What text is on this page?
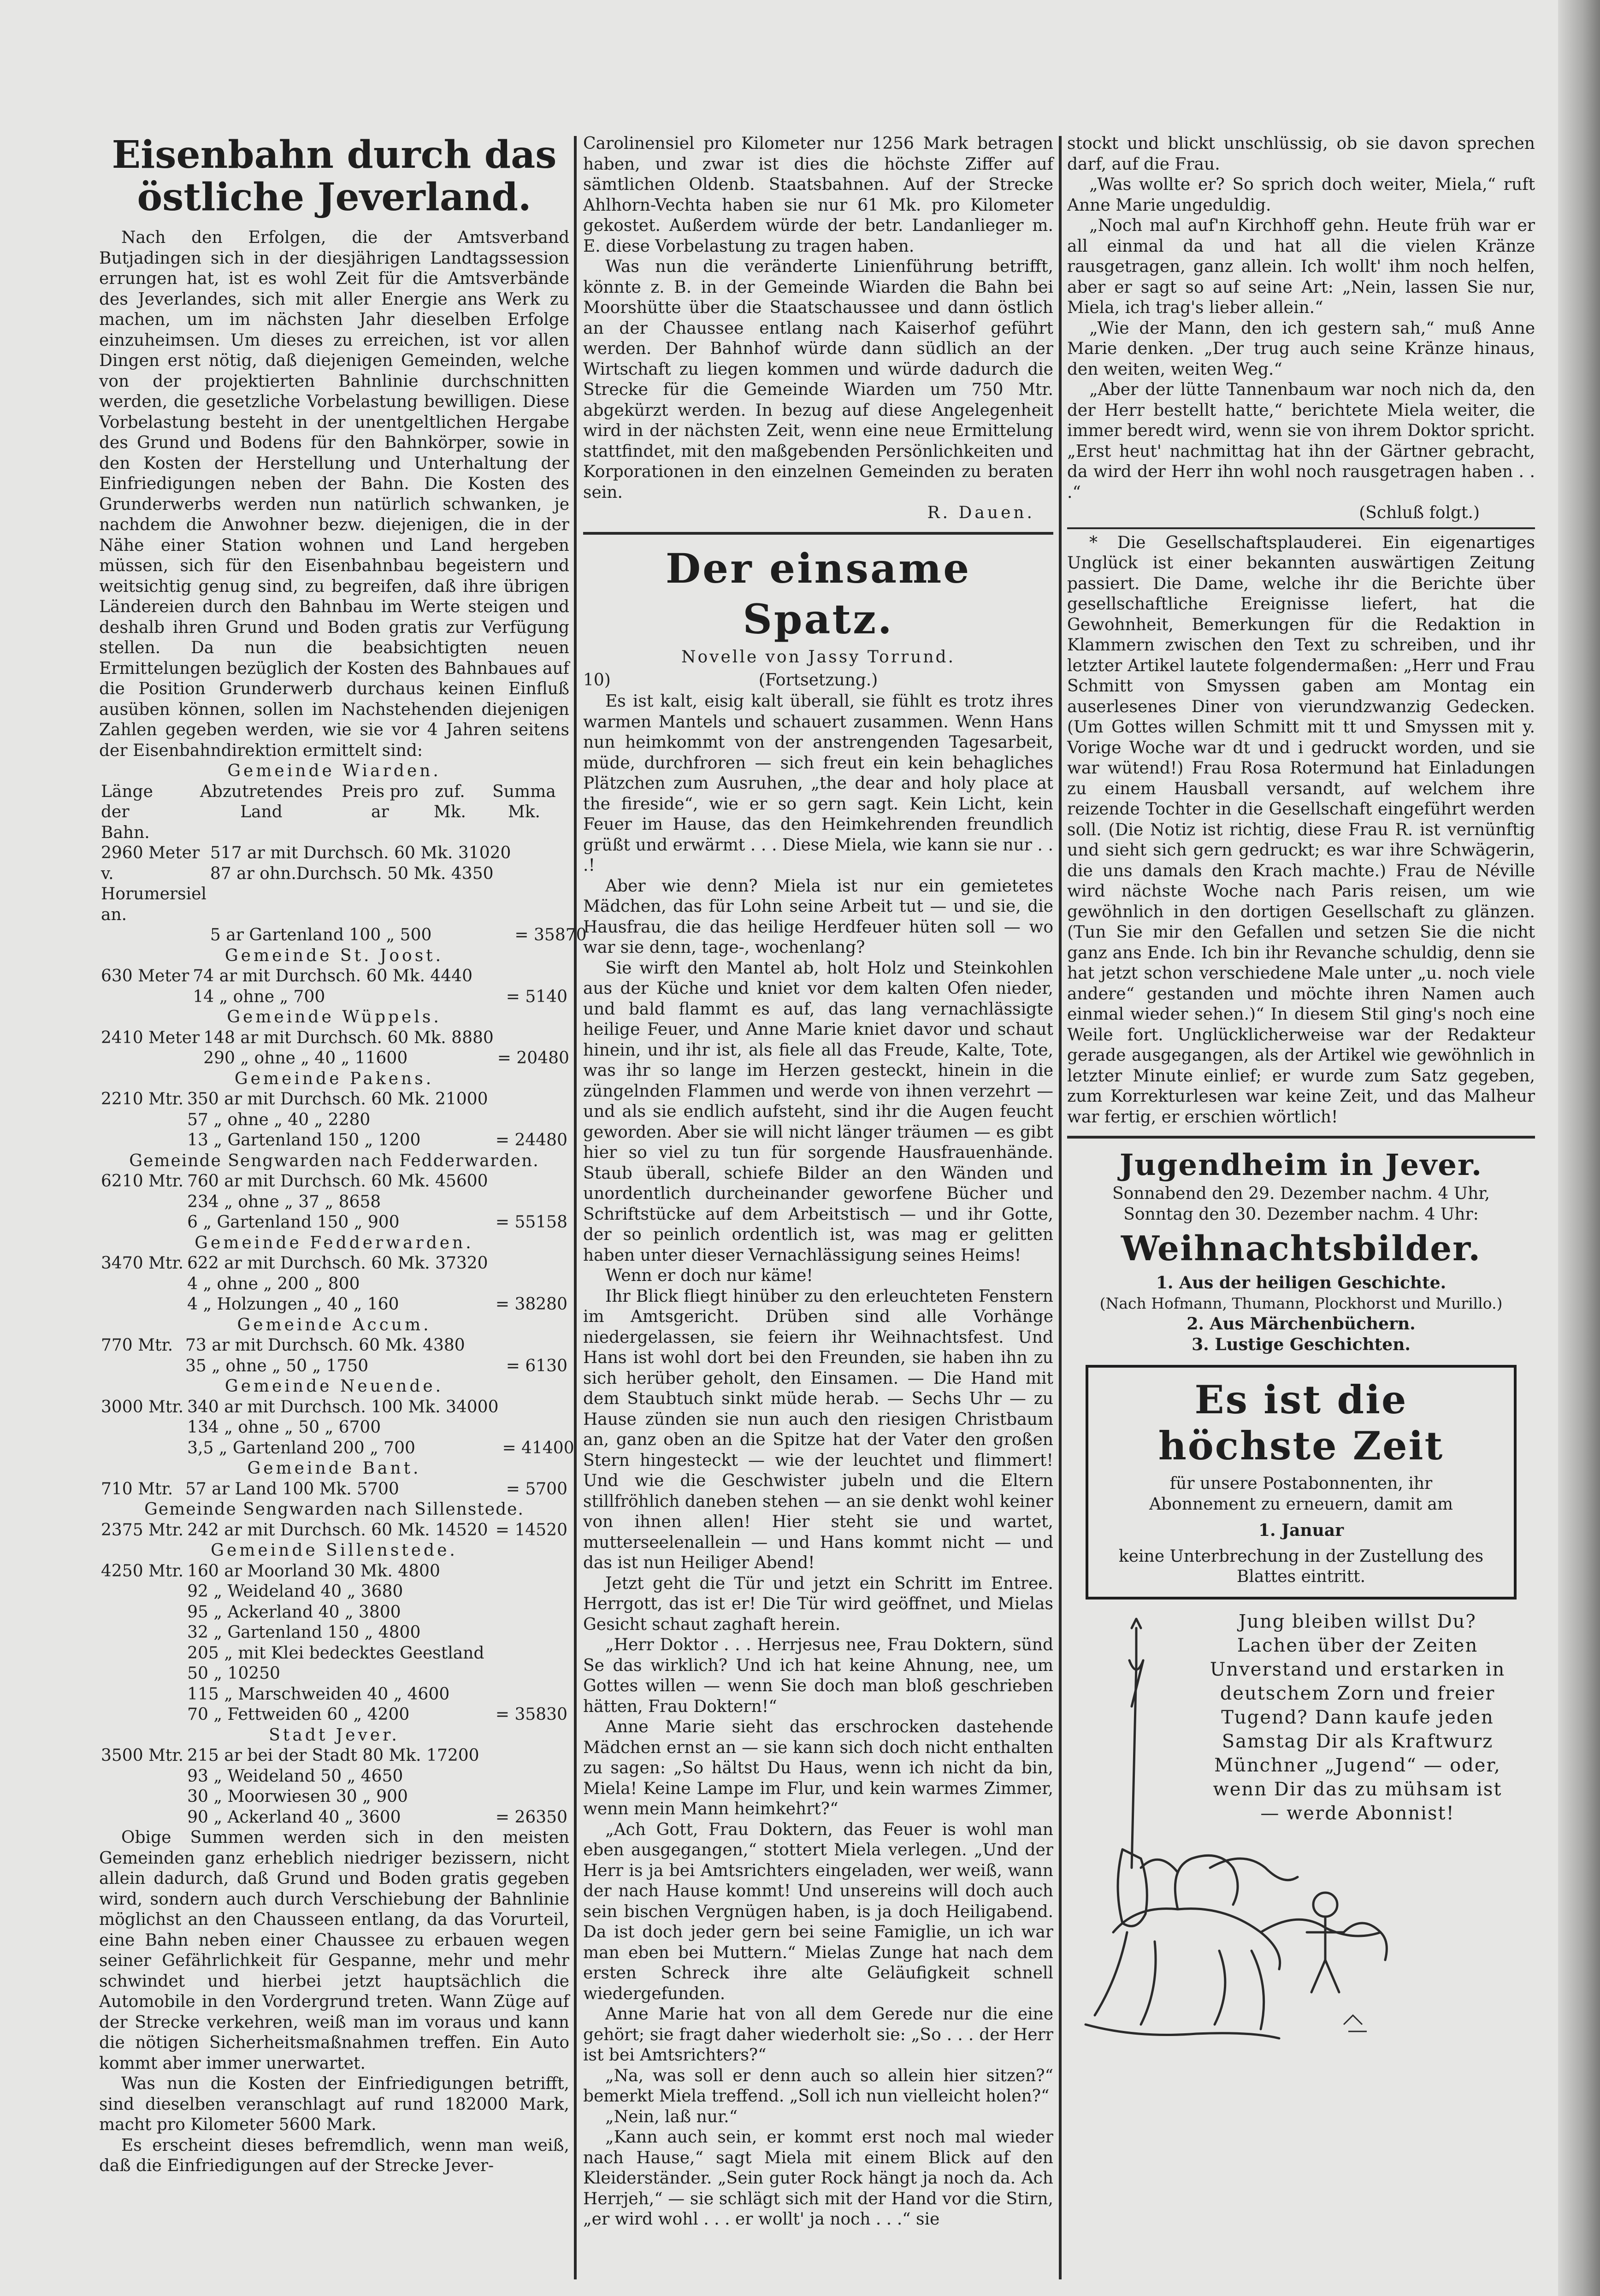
Eisenbahn durch das östliche Jeverland.

Nach den Erfolgen, die der Amtsverband Butjadingen sich in der diesjährigen Landtagssession errungen hat, ist es wohl Zeit für die Amtsverbände des Jeverlandes, sich mit aller Energie ans Werk zu machen, um im nächsten Jahr dieselben Erfolge einzuheimsen. Um dieses zu erreichen, ist vor allen Dingen erst nötig, daß diejenigen Gemeinden, welche von der projektierten Bahnlinie durchschnitten werden, die gesetzliche Vorbelastung bewilligen. Diese Vorbelastung besteht in der unentgeltlichen Hergabe des Grund und Bodens für den Bahnkörper, sowie in den Kosten der Herstellung und Unterhaltung der Einfriedigungen neben der Bahn. Die Kosten des Grunderwerbs werden nun natürlich schwanken, je nachdem die Anwohner bezw. diejenigen, die in der Nähe einer Station wohnen und Land hergeben müssen, sich für den Eisenbahnbau begeistern und weitsichtig genug sind, zu begreifen, daß ihre übrigen Ländereien durch den Bahnbau im Werte steigen und deshalb ihren Grund und Boden gratis zur Verfügung stellen. Da nun die beabsichtigten neuen Ermittelungen bezüglich der Kosten des Bahnbaues auf die Position Grunderwerb durchaus keinen Einfluß ausüben können, sollen im Nachstehenden diejenigen Zahlen gegeben werden, wie sie vor 4 Jahren seitens der Eisenbahndirektion ermittelt sind:

Gemeinde Wiarden.
Länge der Bahn.	Abzutretendes Land	Preis pro ar	zuf. Mk.	Summa Mk.
2960 Meter	517 ar mit Durchsch. 60 Mk. 31020	
v. Horumersiel an.	87 ar ohn.Durchsch. 50 Mk. 4350	
	5 ar Gartenland 100 „ 500	= 35870
Gemeinde St. Joost.
630 Meter	74 ar mit Durchsch. 60 Mk. 4440	
	14 „ ohne „ 700	= 5140
Gemeinde Wüppels.
2410 Meter	148 ar mit Durchsch. 60 Mk. 8880	
	290 „ ohne „ 40 „ 11600	= 20480
Gemeinde Pakens.
2210 Mtr.	350 ar mit Durchsch. 60 Mk. 21000	
	57 „ ohne „ 40 „ 2280	
	13 „ Gartenland 150 „ 1200	= 24480
Gemeinde Sengwarden nach Fedderwarden.
6210 Mtr.	760 ar mit Durchsch. 60 Mk. 45600	
	234 „ ohne „ 37 „ 8658	
	6 „ Gartenland 150 „ 900	= 55158
Gemeinde Fedderwarden.
3470 Mtr.	622 ar mit Durchsch. 60 Mk. 37320	
	4 „ ohne „ 200 „ 800	
	4 „ Holzungen „ 40 „ 160	= 38280
Gemeinde Accum.
770 Mtr.	73 ar mit Durchsch. 60 Mk. 4380	
	35 „ ohne „ 50 „ 1750	= 6130
Gemeinde Neuende.
3000 Mtr.	340 ar mit Durchsch. 100 Mk. 34000	
	134 „ ohne „ 50 „ 6700	
	3,5 „ Gartenland 200 „ 700	= 41400
Gemeinde Bant.
710 Mtr.	57 ar Land 100 Mk. 5700	= 5700
Gemeinde Sengwarden nach Sillenstede.
2375 Mtr.	242 ar mit Durchsch. 60 Mk. 14520	= 14520
Gemeinde Sillenstede.
4250 Mtr.	160 ar Moorland 30 Mk. 4800	
	92 „ Weideland 40 „ 3680	
	95 „ Ackerland 40 „ 3800	
	32 „ Gartenland 150 „ 4800	
	205 „ mit Klei bedecktes Geestland 50 „ 10250	
	115 „ Marschweiden 40 „ 4600	
	70 „ Fettweiden 60 „ 4200	= 35830
Stadt Jever.
3500 Mtr.	215 ar bei der Stadt 80 Mk. 17200	
	93 „ Weideland 50 „ 4650	
	30 „ Moorwiesen 30 „ 900	
	90 „ Ackerland 40 „ 3600	= 26350

Obige Summen werden sich in den meisten Gemeinden ganz erheblich niedriger bezissern, nicht allein dadurch, daß Grund und Boden gratis gegeben wird, sondern auch durch Verschiebung der Bahnlinie möglichst an den Chausseen entlang, da das Vorurteil, eine Bahn neben einer Chaussee zu erbauen wegen seiner Gefährlichkeit für Gespanne, mehr und mehr schwindet und hierbei jetzt hauptsächlich die Automobile in den Vordergrund treten. Wann Züge auf der Strecke verkehren, weiß man im voraus und kann die nötigen Sicherheitsmaßnahmen treffen. Ein Auto kommt aber immer unerwartet.

Was nun die Kosten der Einfriedigungen betrifft, sind dieselben veranschlagt auf rund 182000 Mark, macht pro Kilometer 5600 Mark.

Es erscheint dieses befremdlich, wenn man weiß, daß die Einfriedigungen auf der Strecke Jever-

Carolinensiel pro Kilometer nur 1256 Mark betragen haben, und zwar ist dies die höchste Ziffer auf sämtlichen Oldenb. Staatsbahnen. Auf der Strecke Ahlhorn-Vechta haben sie nur 61 Mk. pro Kilometer gekostet. Außerdem würde der betr. Landanlieger m. E. diese Vorbelastung zu tragen haben.

Was nun die veränderte Linienführung betrifft, könnte z. B. in der Gemeinde Wiarden die Bahn bei Moorshütte über die Staatschaussee und dann östlich an der Chaussee entlang nach Kaiserhof geführt werden. Der Bahnhof würde dann südlich an der Wirtschaft zu liegen kommen und würde dadurch die Strecke für die Gemeinde Wiarden um 750 Mtr. abgekürzt werden. In bezug auf diese Angelegenheit wird in der nächsten Zeit, wenn eine neue Ermittelung stattfindet, mit den maßgebenden Persönlichkeiten und Korporationen in den einzelnen Gemeinden zu beraten sein.

R. Dauen.

Der einsame Spatz.
Novelle von Jassy Torrund.
10)	(Fortsetzung.)

Es ist kalt, eisig kalt überall, sie fühlt es trotz ihres warmen Mantels und schauert zusammen. Wenn Hans nun heimkommt von der anstrengenden Tagesarbeit, müde, durchfroren — sich freut ein kein behagliches Plätzchen zum Ausruhen, „the dear and holy place at the fireside“, wie er so gern sagt. Kein Licht, kein Feuer im Hause, das den Heimkehrenden freundlich grüßt und erwärmt . . . Diese Miela, wie kann sie nur . . .!

Aber wie denn? Miela ist nur ein gemietetes Mädchen, das für Lohn seine Arbeit tut — und sie, die Hausfrau, die das heilige Herdfeuer hüten soll — wo war sie denn, tage-, wochenlang?

Sie wirft den Mantel ab, holt Holz und Steinkohlen aus der Küche und kniet vor dem kalten Ofen nieder, und bald flammt es auf, das lang vernachlässigte heilige Feuer, und Anne Marie kniet davor und schaut hinein, und ihr ist, als fiele all das Freude, Kalte, Tote, was ihr so lange im Herzen gesteckt, hinein in die züngelnden Flammen und werde von ihnen verzehrt — und als sie endlich aufsteht, sind ihr die Augen feucht geworden. Aber sie will nicht länger träumen — es gibt hier so viel zu tun für sorgende Hausfrauenhände. Staub überall, schiefe Bilder an den Wänden und unordentlich durcheinander geworfene Bücher und Schriftstücke auf dem Arbeitstisch — und ihr Gotte, der so peinlich ordentlich ist, was mag er gelitten haben unter dieser Vernachlässigung seines Heims!

Wenn er doch nur käme!

Ihr Blick fliegt hinüber zu den erleuchteten Fenstern im Amtsgericht. Drüben sind alle Vorhänge niedergelassen, sie feiern ihr Weihnachtsfest. Und Hans ist wohl dort bei den Freunden, sie haben ihn zu sich herüber geholt, den Einsamen. — Die Hand mit dem Staubtuch sinkt müde herab. — Sechs Uhr — zu Hause zünden sie nun auch den riesigen Christbaum an, ganz oben an die Spitze hat der Vater den großen Stern hingesteckt — wie der leuchtet und flimmert! Und wie die Geschwister jubeln und die Eltern stillfröhlich daneben stehen — an sie denkt wohl keiner von ihnen allen! Hier steht sie und wartet, mutterseelenallein — und Hans kommt nicht — und das ist nun Heiliger Abend!

Jetzt geht die Tür und jetzt ein Schritt im Entree. Herrgott, das ist er! Die Tür wird geöffnet, und Mielas Gesicht schaut zaghaft herein.

„Herr Doktor . . . Herrjesus nee, Frau Doktern, sünd Se das wirklich? Und ich hat keine Ahnung, nee, um Gottes willen — wenn Sie doch man bloß geschrieben hätten, Frau Doktern!“

Anne Marie sieht das erschrocken dastehende Mädchen ernst an — sie kann sich doch nicht enthalten zu sagen: „So hältst Du Haus, wenn ich nicht da bin, Miela! Keine Lampe im Flur, und kein warmes Zimmer, wenn mein Mann heimkehrt?“

„Ach Gott, Frau Doktern, das Feuer is wohl man eben ausgegangen,“ stottert Miela verlegen. „Und der Herr is ja bei Amtsrichters eingeladen, wer weiß, wann der nach Hause kommt! Und unsereins will doch auch sein bischen Vergnügen haben, is ja doch Heiligabend. Da ist doch jeder gern bei seine Famiglie, un ich war man eben bei Muttern.“ Mielas Zunge hat nach dem ersten Schreck ihre alte Geläufigkeit schnell wiedergefunden.

Anne Marie hat von all dem Gerede nur die eine gehört; sie fragt daher wiederholt sie: „So . . . der Herr ist bei Amtsrichters?“

„Na, was soll er denn auch so allein hier sitzen?“ bemerkt Miela treffend. „Soll ich nun vielleicht holen?“

„Nein, laß nur.“

„Kann auch sein, er kommt erst noch mal wieder nach Hause,“ sagt Miela mit einem Blick auf den Kleiderständer. „Sein guter Rock hängt ja noch da. Ach Herrjeh,“ — sie schlägt sich mit der Hand vor die Stirn, „er wird wohl . . . er wollt' ja noch . . .“ sie

stockt und blickt unschlüssig, ob sie davon sprechen darf, auf die Frau.

„Was wollte er? So sprich doch weiter, Miela,“ ruft Anne Marie ungeduldig.

„Noch mal auf'n Kirchhoff gehn. Heute früh war er all einmal da und hat all die vielen Kränze rausgetragen, ganz allein. Ich wollt' ihm noch helfen, aber er sagt so auf seine Art: „Nein, lassen Sie nur, Miela, ich trag's lieber allein.“

„Wie der Mann, den ich gestern sah,“ muß Anne Marie denken. „Der trug auch seine Kränze hinaus, den weiten, weiten Weg.“

„Aber der lütte Tannenbaum war noch nich da, den der Herr bestellt hatte,“ berichtete Miela weiter, die immer beredt wird, wenn sie von ihrem Doktor spricht. „Erst heut' nachmittag hat ihn der Gärtner gebracht, da wird der Herr ihn wohl noch rausgetragen haben . . .“

(Schluß folgt.)

* Die Gesellschaftsplauderei. Ein eigenartiges Unglück ist einer bekannten auswärtigen Zeitung passiert. Die Dame, welche ihr die Berichte über gesellschaftliche Ereignisse liefert, hat die Gewohnheit, Bemerkungen für die Redaktion in Klammern zwischen den Text zu schreiben, und ihr letzter Artikel lautete folgendermaßen: „Herr und Frau Schmitt von Smyssen gaben am Montag ein auserlesenes Diner von vierundzwanzig Gedecken. (Um Gottes willen Schmitt mit tt und Smyssen mit y. Vorige Woche war dt und i gedruckt worden, und sie war wütend!) Frau Rosa Rotermund hat Einladungen zu einem Hausball versandt, auf welchem ihre reizende Tochter in die Gesellschaft eingeführt werden soll. (Die Notiz ist richtig, diese Frau R. ist vernünftig und sieht sich gern gedruckt; es war ihre Schwägerin, die uns damals den Krach machte.) Frau de Néville wird nächste Woche nach Paris reisen, um wie gewöhnlich in den dortigen Gesellschaft zu glänzen. (Tun Sie mir den Gefallen und setzen Sie die nicht ganz ans Ende. Ich bin ihr Revanche schuldig, denn sie hat jetzt schon verschiedene Male unter „u. noch viele andere“ gestanden und möchte ihren Namen auch einmal wieder sehen.)“ In diesem Stil ging's noch eine Weile fort. Unglücklicherweise war der Redakteur gerade ausgegangen, als der Artikel wie gewöhnlich in letzter Minute einlief; er wurde zum Satz gegeben, zum Korrekturlesen war keine Zeit, und das Malheur war fertig, er erschien wörtlich!

Jugendheim in Jever.
Sonnabend den 29. Dezember nachm. 4 Uhr,
Sonntag den 30. Dezember nachm. 4 Uhr:
Weihnachtsbilder.
1. Aus der heiligen Geschichte.
(Nach Hofmann, Thumann, Plockhorst und Murillo.)
2. Aus Märchenbüchern.
3. Lustige Geschichten.
Es ist die höchste Zeit
für unsere Postabonnenten, ihr Abonnement zu erneuern, damit am
1. Januar
keine Unterbrechung in der Zustellung des Blattes eintritt.
Jung bleiben willst Du? Lachen über der Zeiten Unverstand und erstarken in deutschem Zorn und freier Tugend? Dann kaufe jeden Samstag Dir als Kraftwurz Münchner „Jugend“ — oder, wenn Dir das zu mühsam ist — werde Abonnist!
